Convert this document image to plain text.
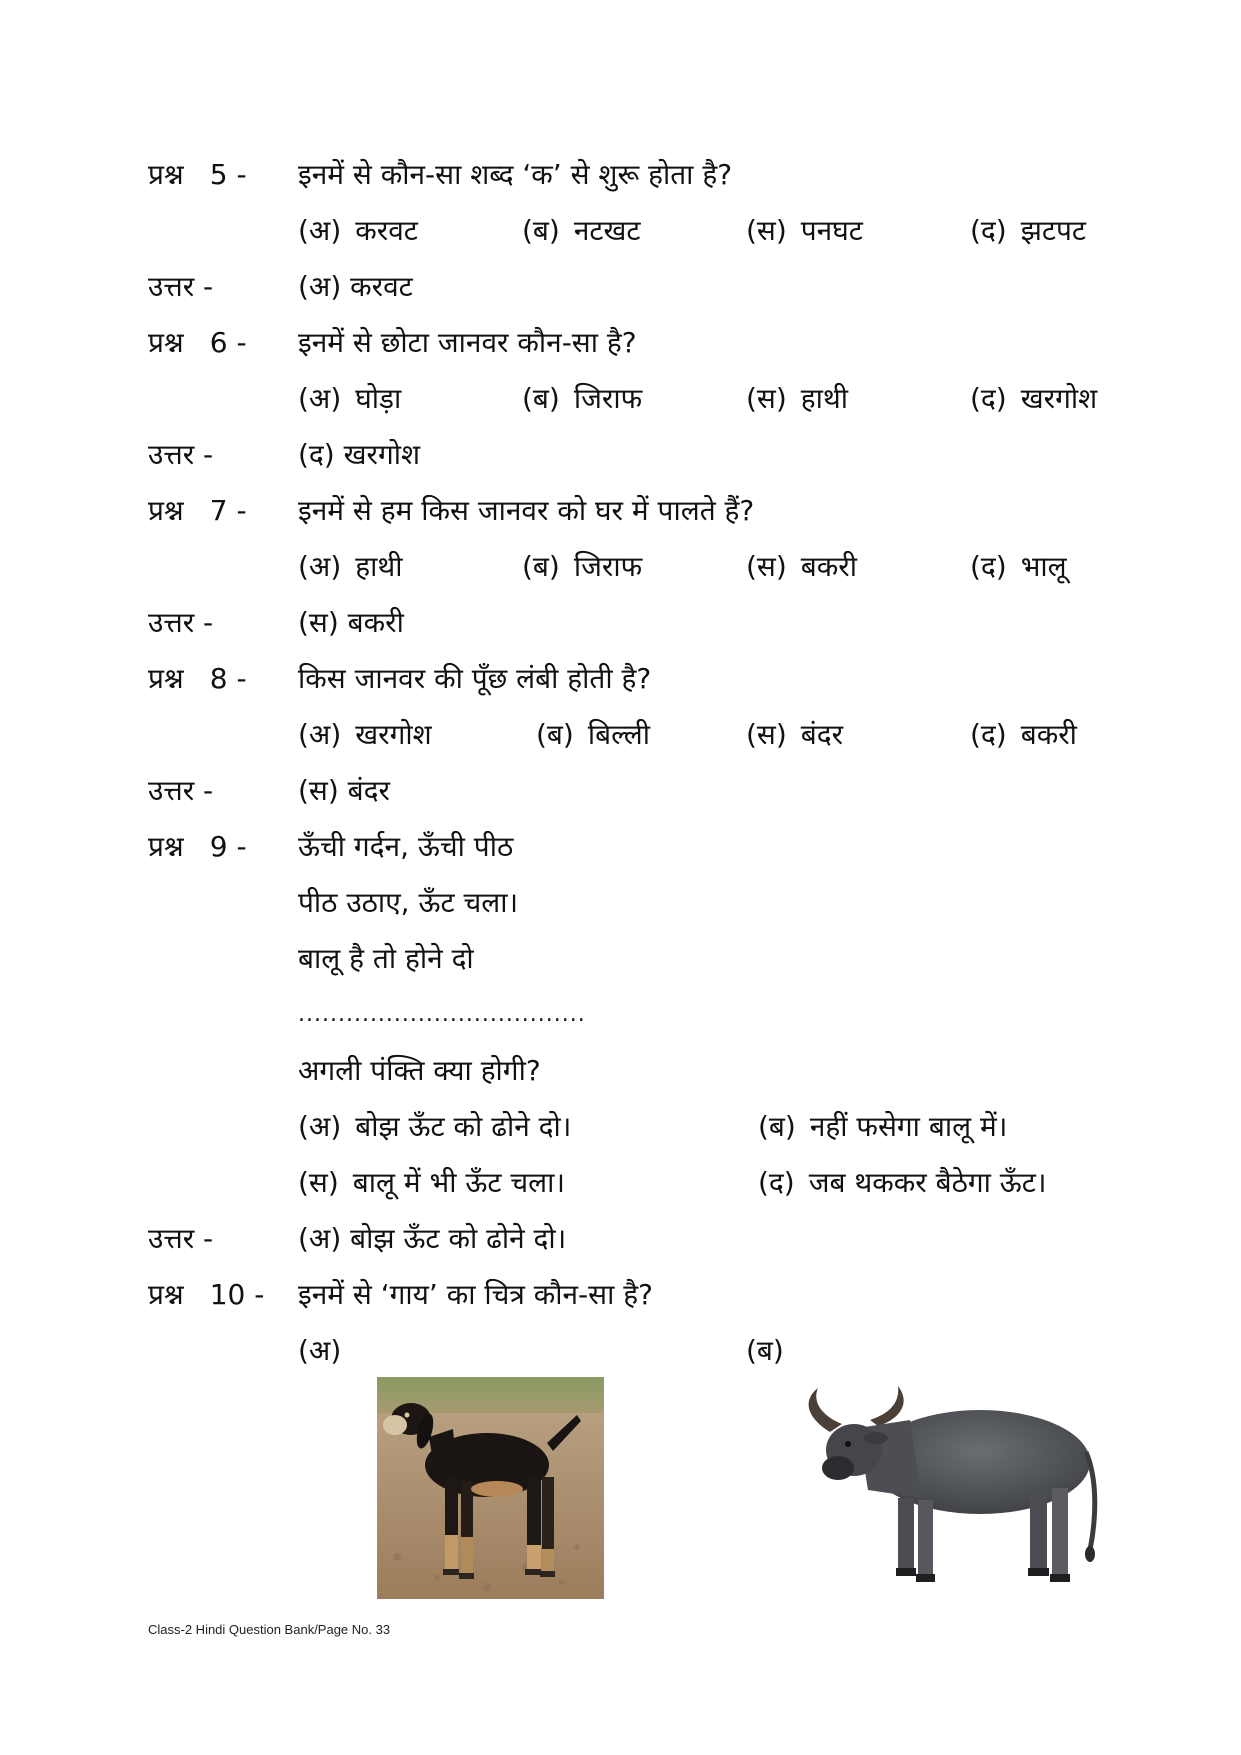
प्रश्न 5 -	इनमें से कौन-सा शब्द ‘क’ से शुरू होता है?
(अ) करवट	(ब) नटखट	(स) पनघट	(द) झटपट
उत्तर -	(अ) करवट
प्रश्न 6 -	इनमें से छोटा जानवर कौन-सा है?
(अ) घोड़ा	(ब) जिराफ	(स) हाथी	(द) खरगोश
उत्तर -	(द) खरगोश
प्रश्न 7 -	इनमें से हम किस जानवर को घर में पालते हैं?
(अ) हाथी	(ब) जिराफ	(स) बकरी	(द) भालू
उत्तर -	(स) बकरी
प्रश्न 8 -	किस जानवर की पूँछ लंबी होती है?
(अ) खरगोश	(ब) बिल्ली	(स) बंदर	(द) बकरी
उत्तर -	(स) बंदर
प्रश्न 9 -	ऊँची गर्दन, ऊँची पीठ
पीठ उठाए, ऊँट चला।
बालू है तो होने दो
....................................
अगली पंक्ति क्या होगी?
(अ) बोझ ऊँट को ढोने दो।	(ब) नहीं फसेगा बालू में।
(स) बालू में भी ऊँट चला।	(द) जब थककर बैठेगा ऊँट।
उत्तर -	(अ) बोझ ऊँट को ढोने दो।
प्रश्न 10 -	इनमें से ‘गाय’ का चित्र कौन-सा है?
(अ)	(ब)
Class-2 Hindi Question Bank/Page No. 33
